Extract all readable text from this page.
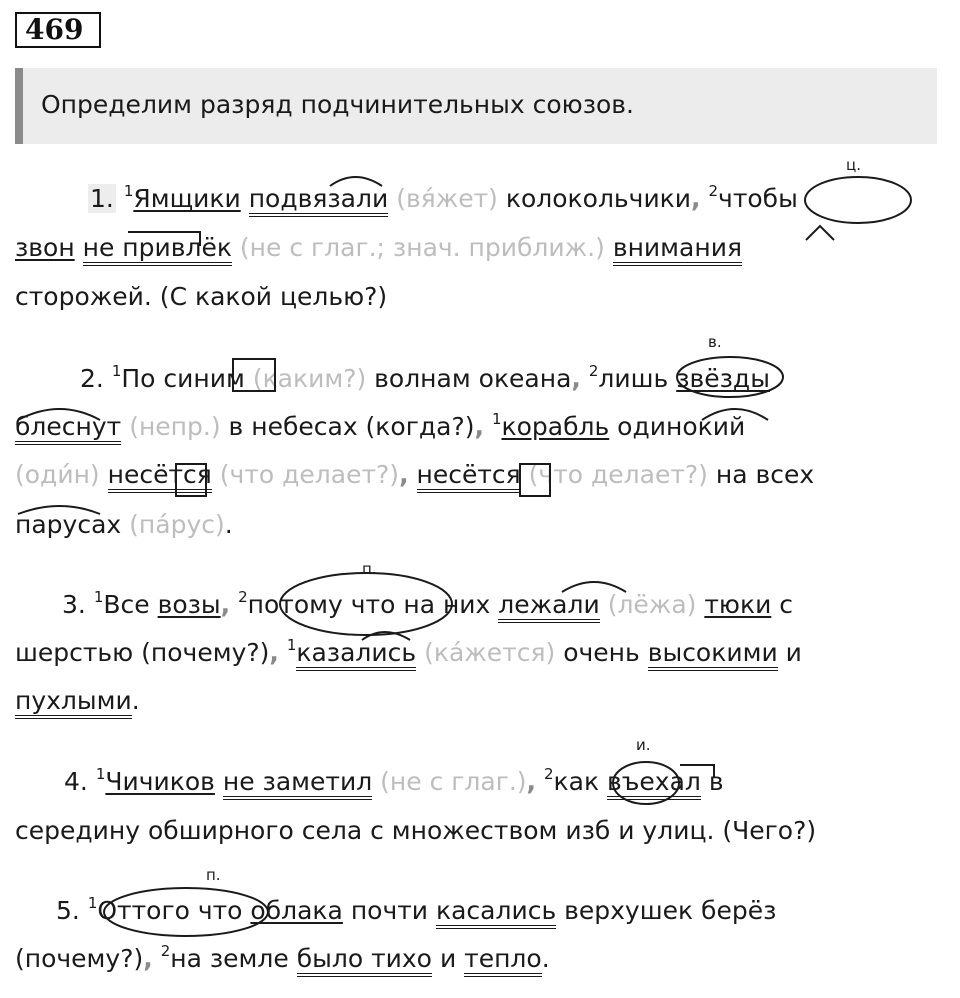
469
Определим разряд подчинительных союзов.
1. $^1$Ямщики подвязали (вя́жет) колокольчики, $^2$чтобы
звон не привлёк (не с глаг.; знач. приближ.) внимания
сторожей. (С какой целью?)
2. $^1$По синим (каким?) волнам океана, $^2$лишь звёзды
блеснут (непр.) в небесах (когда?), $^1$корабль одинокий
(оди́н) несётся (что делает?), несётся (что делает?) на всех
парусах (па́рус).
3. $^1$Все возы, $^2$потому что на них лежали (лёжа) тюки с
шерстью (почему?), $^1$казались (ка́жется) очень высокими и
пухлыми.
4. $^1$Чичиков не заметил (не с глаг.), $^2$как въехал в
середину обширного села с множеством изб и улиц. (Чего?)
5. $^1$Оттого что облака почти касались верхушек берёз
(почему?), $^2$на земле было тихо и тепло.
ц.
в.
п.
и.
п.
